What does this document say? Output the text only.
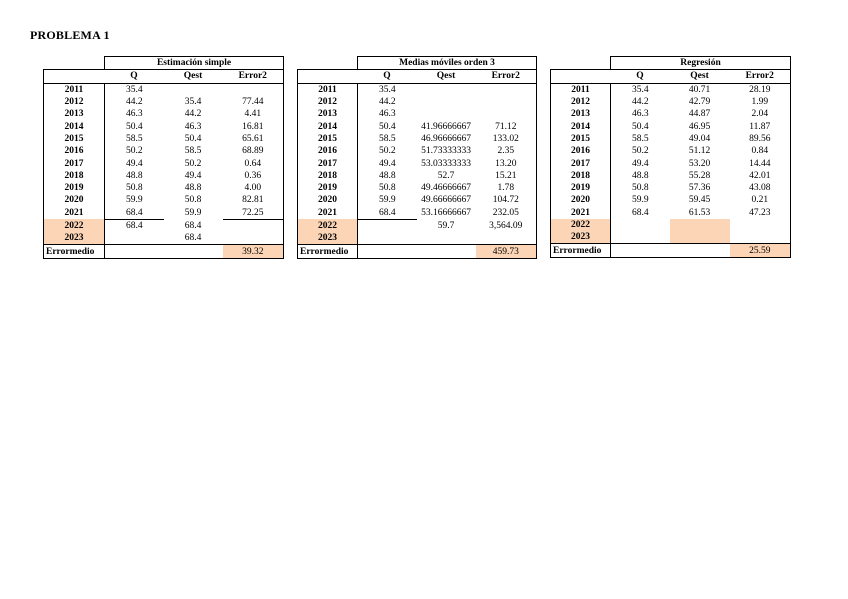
PROBLEMA 1
	Estimación simple		
	Q	Qest	Error2
2011	35.4		
2012	44.2	35.4	77.44
2013	46.3	44.2	4.41
2014	50.4	46.3	16.81
2015	58.5	50.4	65.61
2016	50.2	58.5	68.89
2017	49.4	50.2	0.64
2018	48.8	49.4	0.36
2019	50.8	48.8	4.00
2020	59.9	50.8	82.81
2021	68.4	59.9	72.25
2022	68.4	68.4	
2023		68.4	
Errormedio			39.32
	Medias móviles orden 3		
	Q	Qest	Error2
2011	35.4		
2012	44.2		
2013	46.3		
2014	50.4	41.96666667	71.12
2015	58.5	46.96666667	133.02
2016	50.2	51.73333333	2.35
2017	49.4	53.03333333	13.20
2018	48.8	52.7	15.21
2019	50.8	49.46666667	1.78
2020	59.9	49.66666667	104.72
2021	68.4	53.16666667	232.05
2022		59.7	3,564.09
2023			
Errormedio			459.73
	Regresión		
	Q	Qest	Error2
2011	35.4	40.71	28.19
2012	44.2	42.79	1.99
2013	46.3	44.87	2.04
2014	50.4	46.95	11.87
2015	58.5	49.04	89.56
2016	50.2	51.12	0.84
2017	49.4	53.20	14.44
2018	48.8	55.28	42.01
2019	50.8	57.36	43.08
2020	59.9	59.45	0.21
2021	68.4	61.53	47.23
2022			
2023			
Errormedio			25.59
